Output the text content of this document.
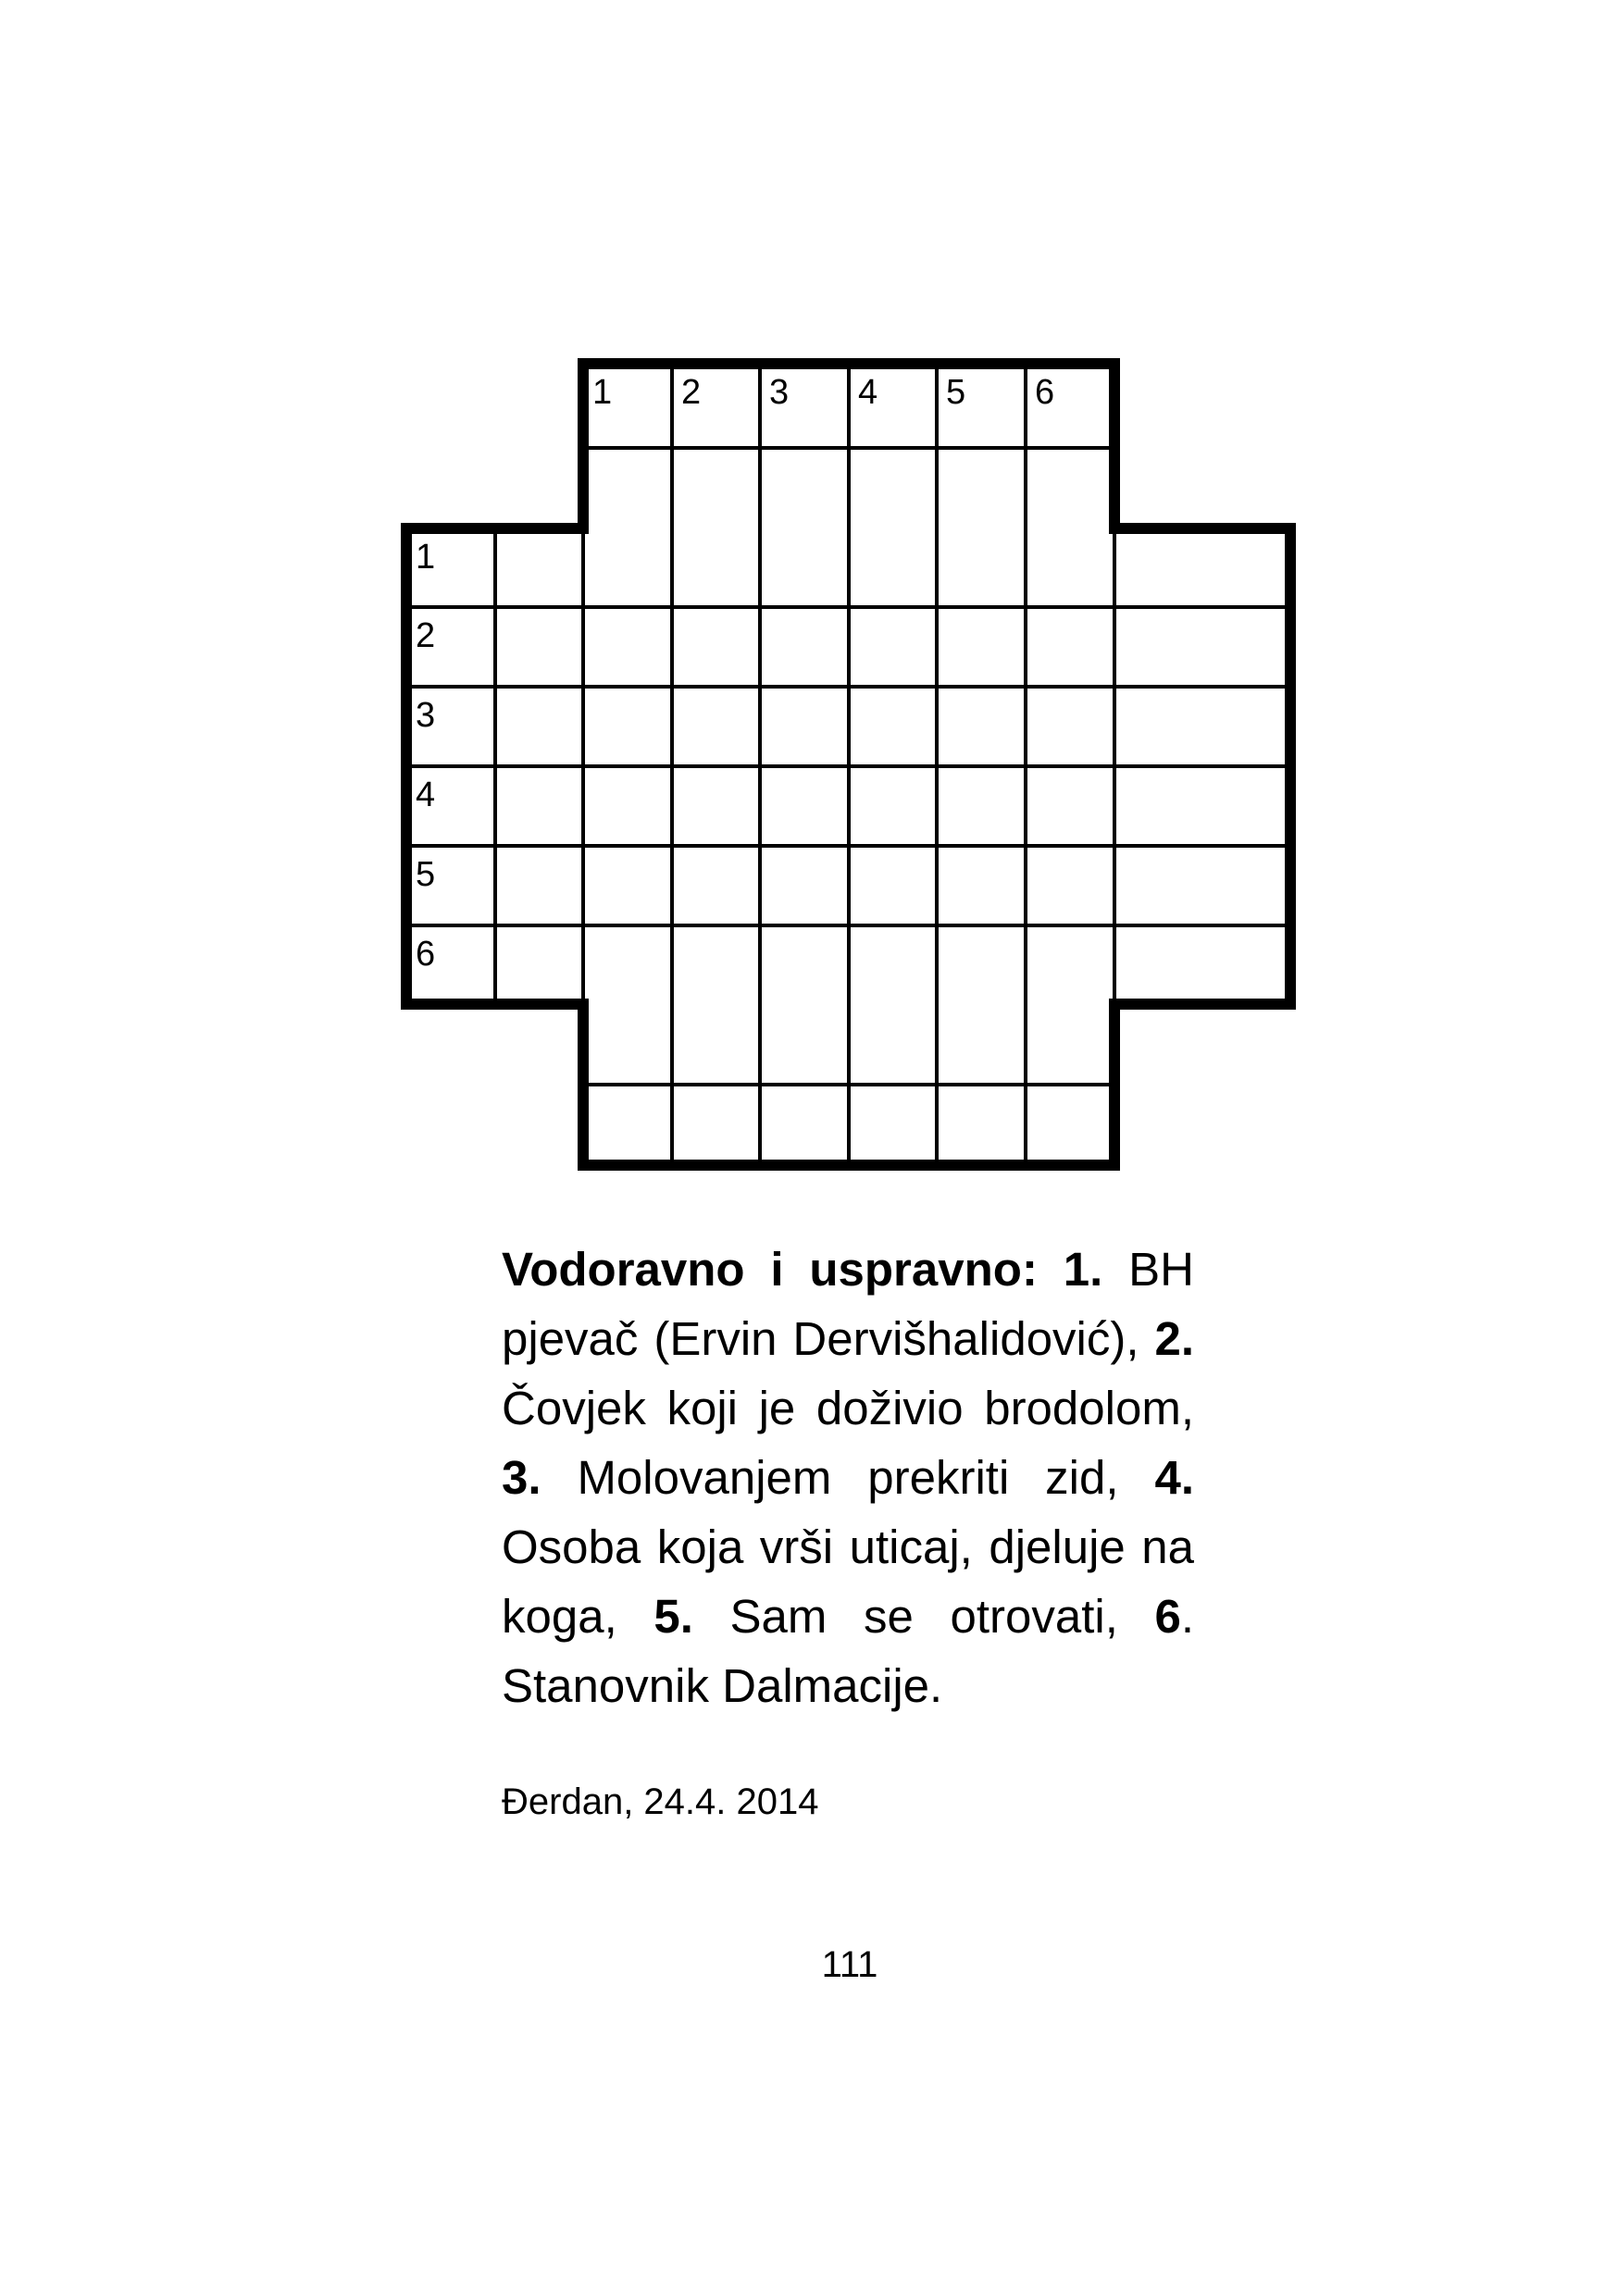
1 2 3 4 5 6
1
2
3
4
5
6

Vodoravno i uspravno: 1. BH pjevač (Ervin Dervišhalidović), 2. Čovjek koji je doživio brodolom, 3. Molovanjem prekriti zid, 4. Osoba koja vrši uticaj, djeluje na koga, 5. Sam se otrovati, 6. Stanovnik Dalmacije.

Đerdan, 24.4. 2014

111
